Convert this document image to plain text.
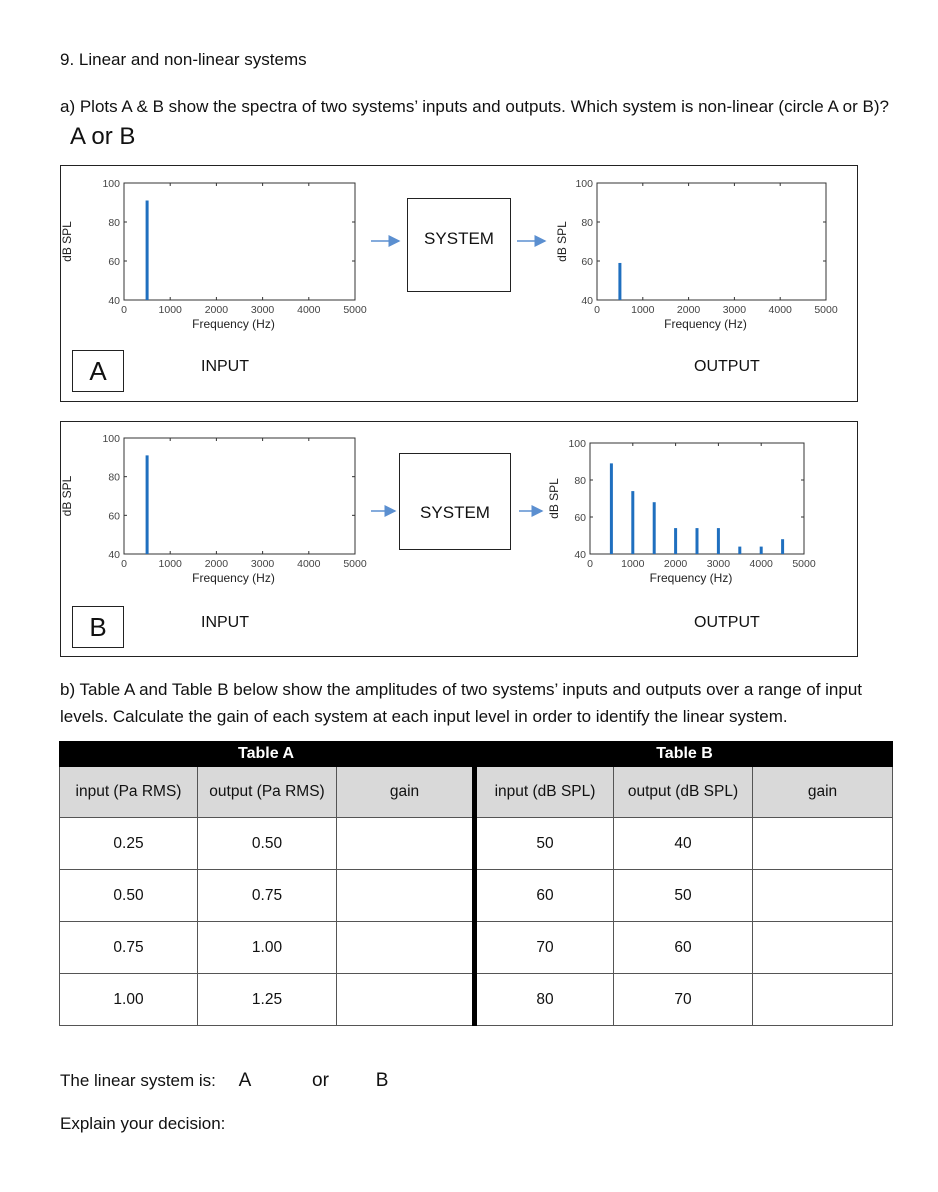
9. Linear and non-linear systems
a) Plots A & B show the spectra of two systems’ inputs and outputs. Which system is non-linear (circle A or B)? A or B
0	1000 2000 3000 4000 5000
40
60
80
100
Frequency (Hz)
dB SPL
0	1000 2000 3000 4000 5000
40
60
80
100
Frequency (Hz)
dB SPL
SYSTEM
INPUT	OUTPUT
A
0	1000 2000 3000 4000 5000
40
60
80
100
Frequency (Hz)
dB SPL
0	1000 2000 3000 4000 5000
40
60
80
100
Frequency (Hz)
dB SPL
SYSTEM
INPUT	OUTPUT
B
b) Table A and Table B below show the amplitudes of two systems’ inputs and outputs over a range of input levels. Calculate the gain of each system at each input level in order to identify the linear system.
Table A			Table B		
input (Pa RMS)	output (Pa RMS)	gain	input (dB SPL)	output (dB SPL)	gain
0.25	0.50		50	40	
0.50	0.75		60	50	
0.75	1.00		70	60	
1.00	1.25		80	70	
The linear system is: A	or B
Explain your decision:
